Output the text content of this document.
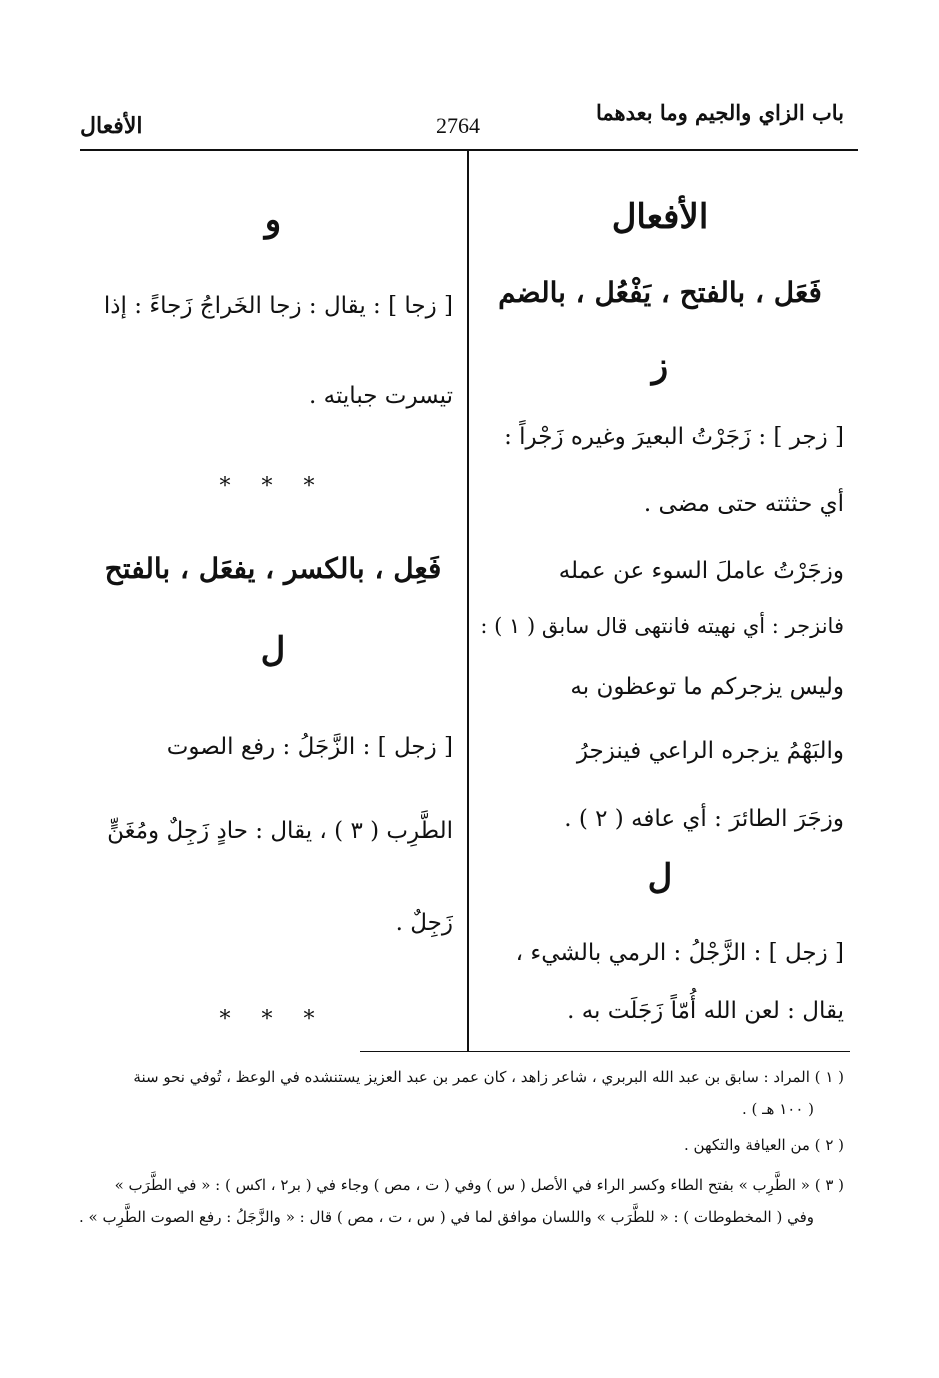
باب الزاي والجيم وما بعدهما
2764
الأفعال
الأفعال
فَعَل ، بالفتح ، يَفْعُل ، بالضم
ز
[ زجر ] : زَجَرْتُ البعيرَ وغيره زَجْراً :
أي حثثته حتى مضى .
وزجَرْتُ عاملَ السوء عن عمله
فانزجر : أي نهيته فانتهى قال سابق ( ١ ) :
وليس يزجركم ما توعظون به
والبَهْمُ يزجره الراعي فينزجرُ
وزجَرَ الطائرَ : أي عافه ( ٢ ) .
ل
[ زجل ] : الزَّجْلُ : الرمي بالشيء ،
يقال : لعن الله أُمّاً زَجَلَت به .
و
[ زجا ] : يقال : زجا الخَراجُ زَجاءً : إذا
تيسرت جبايته .
* * *
فَعِل ، بالكسر ، يفعَل ، بالفتح
ل
[ زجل ] : الزَّجَلُ : رفع الصوت
الطَّرِب ( ٣ ) ، يقال : حادٍ زَجِلٌ ومُغَنٍّ
زَجِلٌ .
* * *
( ١ ) المراد : سابق بن عبد الله البربري ، شاعر زاهد ، كان عمر بن عبد العزيز يستنشده في الوعظ ، تُوفي نحو سنة
( ١٠٠ هـ ) .
( ٢ ) من العيافة والتكهن .
( ٣ ) « الطَّرِب » بفتح الطاء وكسر الراء في الأصل ( س ) وفي ( ت ، مص ) وجاء في ( بر٢ ، اكس ) : « في الطَّرَب »
وفي ( المخطوطات ) : « للطَّرَب » واللسان موافق لما في ( س ، ت ، مص ) قال : « والزَّجَلُ : رفع الصوت الطَّرِب » .
